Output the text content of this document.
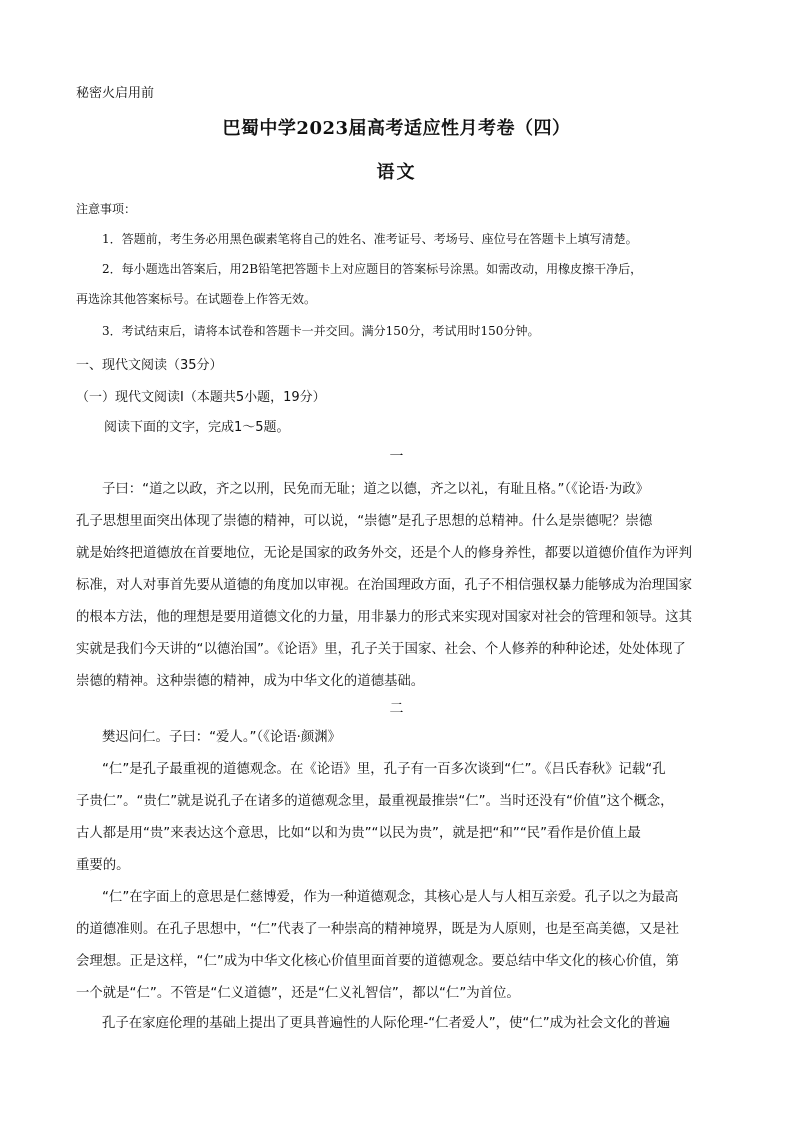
秘密火启用前
巴蜀中学2023届高考适应性月考卷（四）
语文
注意事项：
1．答题前，考生务必用黑色碳素笔将自己的姓名、准考证号、考场号、座位号在答题卡上填写清楚。
2．每小题选出答案后，用2B铅笔把答题卡上对应题目的答案标号涂黑。如需改动，用橡皮擦干净后，
再选涂其他答案标号。在试题卷上作答无效。
3．考试结束后，请将本试卷和答题卡一并交回。满分150分，考试用时150分钟。
一、现代文阅读（35分）
（一）现代文阅读I（本题共5小题，19分）
阅读下面的文字，完成1～5题。
一
子曰：“道之以政，齐之以刑，民免而无耻；道之以德，齐之以礼，有耻且格。”（《论语·为政》
孔子思想里面突出体现了崇德的精神，可以说，“崇德”是孔子思想的总精神。什么是崇德呢？崇德
就是始终把道德放在首要地位，无论是国家的政务外交，还是个人的修身养性，都要以道德价值作为评判
标准，对人对事首先要从道德的角度加以审视。在治国理政方面，孔子不相信强权暴力能够成为治理国家
的根本方法，他的理想是要用道德文化的力量，用非暴力的形式来实现对国家对社会的管理和领导。这其
实就是我们今天讲的“以德治国”。《论语》里，孔子关于国家、社会、个人修养的种种论述，处处体现了
崇德的精神。这种崇德的精神，成为中华文化的道德基础。
二
樊迟问仁。子曰：“爱人。”（《论语·颜渊》
“仁”是孔子最重视的道德观念。在《论语》里，孔子有一百多次谈到“仁”。《吕氏春秋》记载“孔
子贵仁”。“贵仁”就是说孔子在诸多的道德观念里，最重视最推崇“仁”。当时还没有“价值”这个概念，
古人都是用“贵”来表达这个意思，比如“以和为贵”“以民为贵”，就是把“和”“民”看作是价值上最
重要的。
“仁”在字面上的意思是仁慈博爱，作为一种道德观念，其核心是人与人相互亲爱。孔子以之为最高
的道德准则。在孔子思想中，“仁”代表了一种崇高的精神境界，既是为人原则，也是至高美德，又是社
会理想。正是这样，“仁”成为中华文化核心价值里面首要的道德观念。要总结中华文化的核心价值，第
一个就是“仁”。不管是“仁义道德”，还是“仁义礼智信”，都以“仁”为首位。
孔子在家庭伦理的基础上提出了更具普遍性的人际伦理-“仁者爱人”，使“仁”成为社会文化的普遍
